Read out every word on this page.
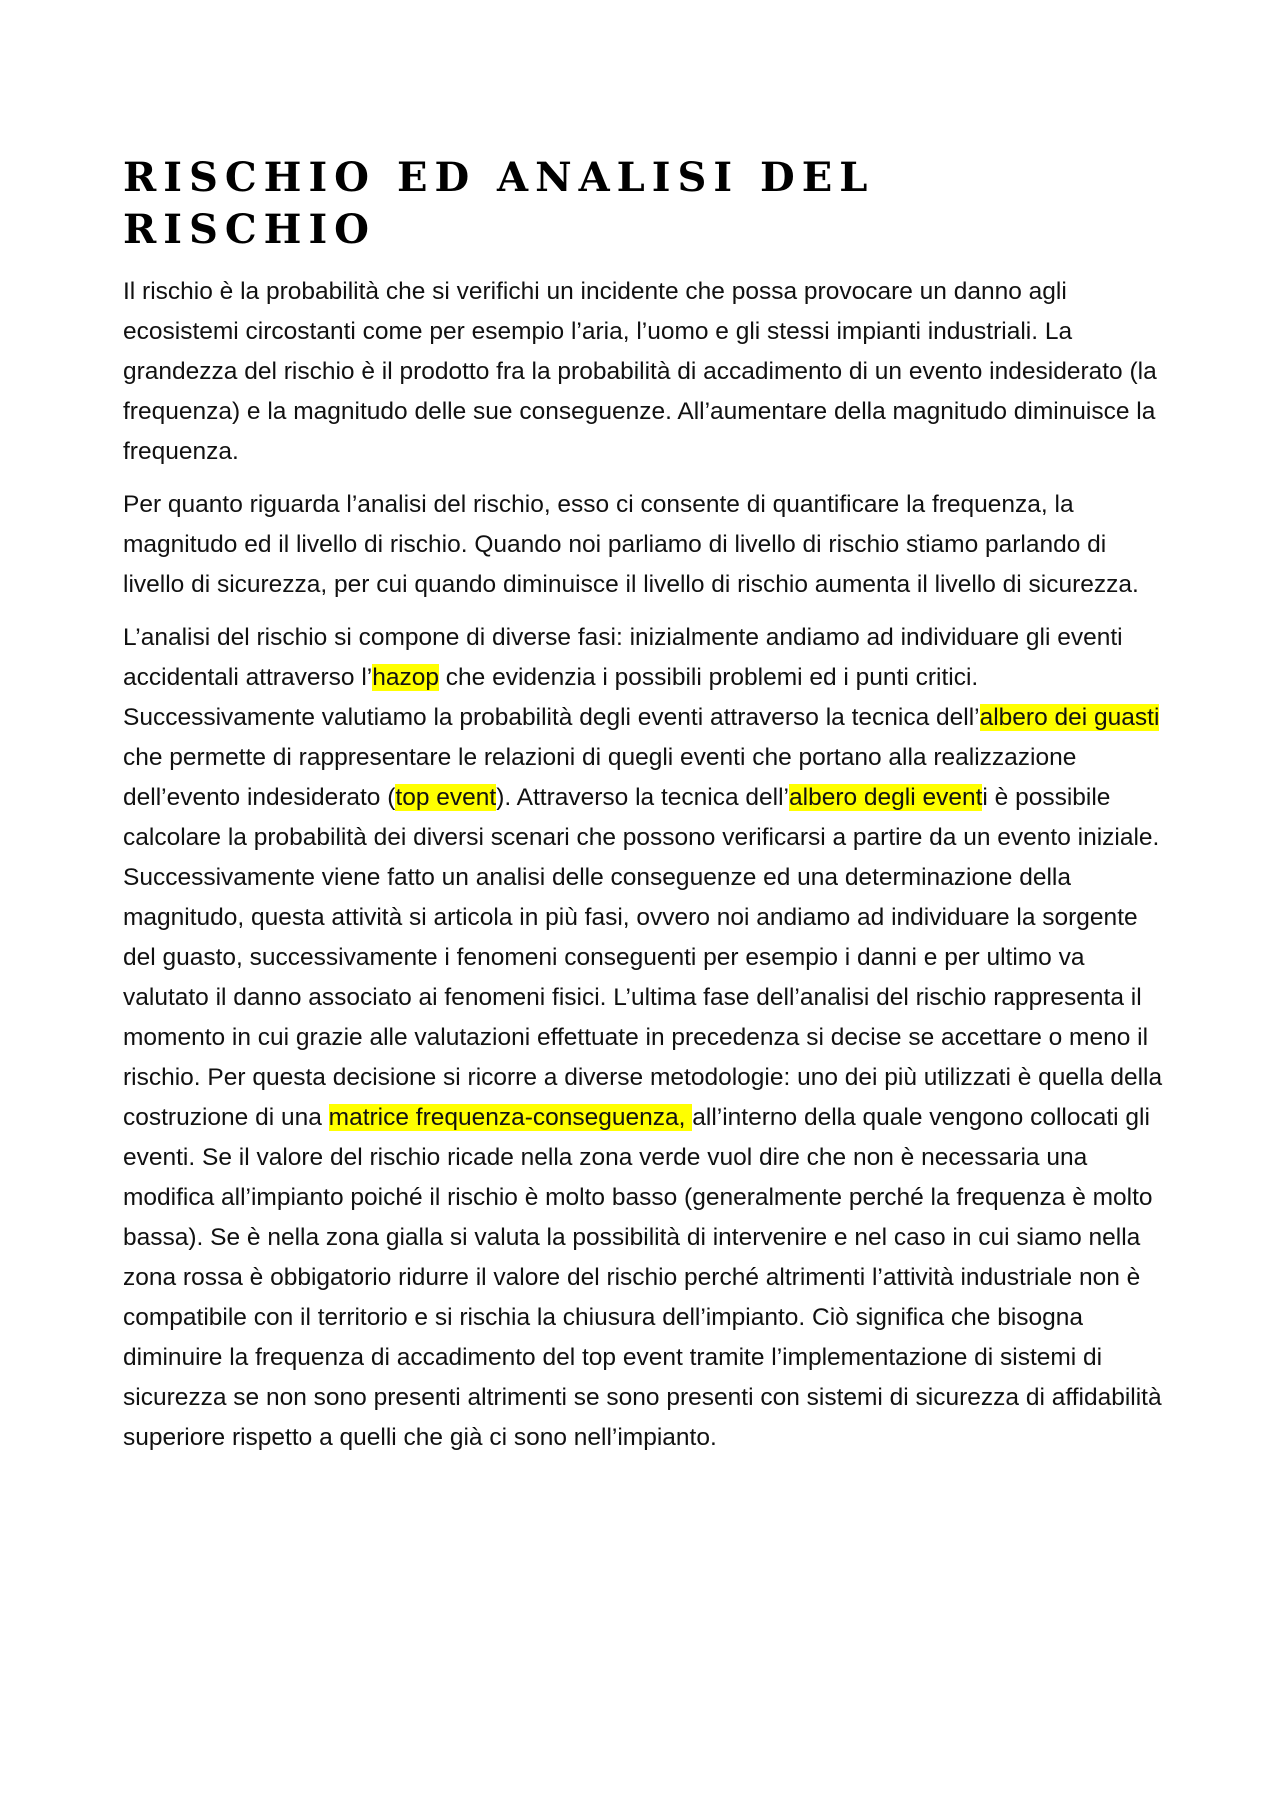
RISCHIO ED ANALISI DEL RISCHIO

Il rischio è la probabilità che si verifichi un incidente che possa provocare un danno agli ecosistemi circostanti come per esempio l’aria, l’uomo e gli stessi impianti industriali. La grandezza del rischio è il prodotto fra la probabilità di accadimento di un evento indesiderato (la frequenza) e la magnitudo delle sue conseguenze. All’aumentare della magnitudo diminuisce la frequenza.

Per quanto riguarda l’analisi del rischio, esso ci consente di quantificare la frequenza, la magnitudo ed il livello di rischio. Quando noi parliamo di livello di rischio stiamo parlando di livello di sicurezza, per cui quando diminuisce il livello di rischio aumenta il livello di sicurezza.

L’analisi del rischio si compone di diverse fasi: inizialmente andiamo ad individuare gli eventi accidentali attraverso l’hazop che evidenzia i possibili problemi ed i punti critici. Successivamente valutiamo la probabilità degli eventi attraverso la tecnica dell’albero dei guasti che permette di rappresentare le relazioni di quegli eventi che portano alla realizzazione dell’evento indesiderato (top event). Attraverso la tecnica dell’albero degli eventi è possibile calcolare la probabilità dei diversi scenari che possono verificarsi a partire da un evento iniziale. Successivamente viene fatto un analisi delle conseguenze ed una determinazione della magnitudo, questa attività si articola in più fasi, ovvero noi andiamo ad individuare la sorgente del guasto, successivamente i fenomeni conseguenti per esempio i danni e per ultimo va valutato il danno associato ai fenomeni fisici. L’ultima fase dell’analisi del rischio rappresenta il momento in cui grazie alle valutazioni effettuate in precedenza si decise se accettare o meno il rischio. Per questa decisione si ricorre a diverse metodologie: uno dei più utilizzati è quella della costruzione di una matrice frequenza-conseguenza, all’interno della quale vengono collocati gli eventi. Se il valore del rischio ricade nella zona verde vuol dire che non è necessaria una modifica all’impianto poiché il rischio è molto basso (generalmente perché la frequenza è molto bassa). Se è nella zona gialla si valuta la possibilità di intervenire e nel caso in cui siamo nella zona rossa è obbigatorio ridurre il valore del rischio perché altrimenti l’attività industriale non è compatibile con il territorio e si rischia la chiusura dell’impianto. Ciò significa che bisogna diminuire la frequenza di accadimento del top event tramite l’implementazione di sistemi di sicurezza se non sono presenti altrimenti se sono presenti con sistemi di sicurezza di affidabilità superiore rispetto a quelli che già ci sono nell’impianto.
